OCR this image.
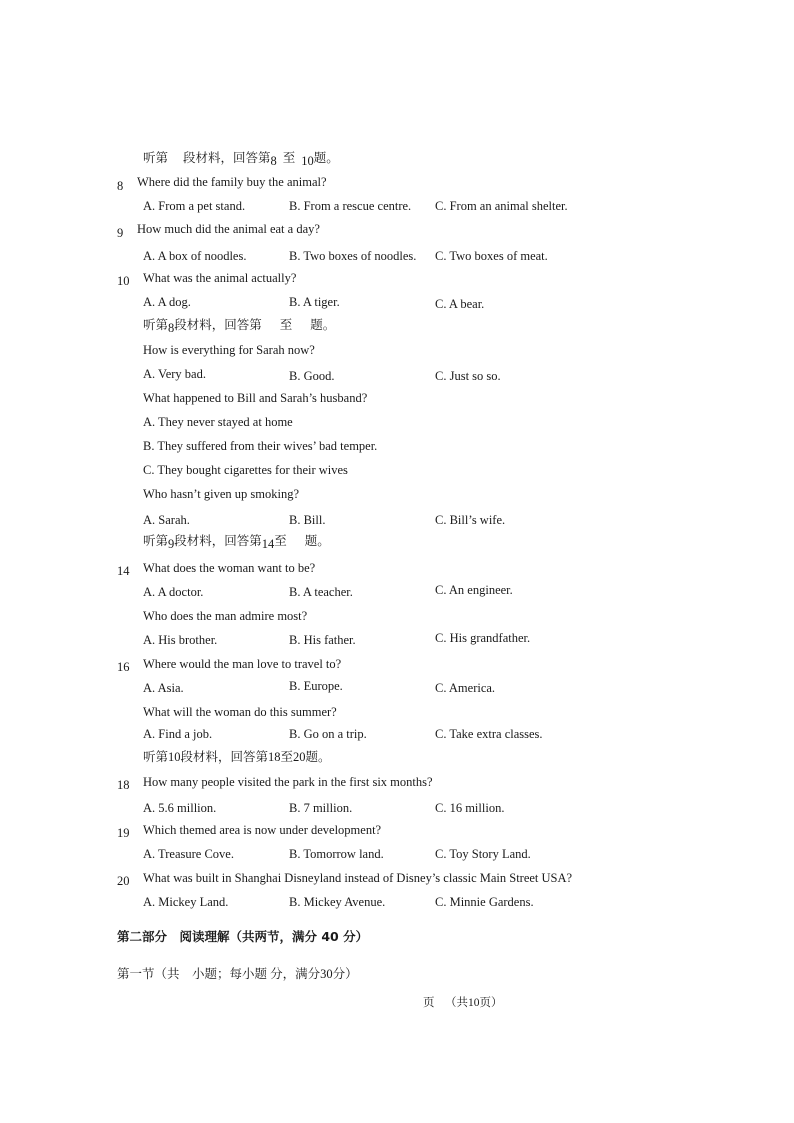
听第 段材料，回答第8 至 10题。
8 Where did the family buy the animal?
A. From a pet stand.	B. From a rescue centre. C. From an animal shelter.
9 How much did the animal eat a day?
A. A box of noodles.	B. Two boxes of noodles. C. Two boxes of meat.
10 What was the animal actually?
A. A dog.	B. A tiger.	C. A bear.
听第8段材料，回答第 至 题。
How is everything for Sarah now?
A. Very bad.	B. Good.	C. Just so so.
What happened to Bill and Sarah’s husband?
A. They never stayed at home
B. They suffered from their wives’ bad temper.
C. They bought cigarettes for their wives
Who hasn’t given up smoking?
A. Sarah.	B. Bill.	C. Bill’s wife.
听第9段材料，回答第14至 题。
14 What does the woman want to be?
A. A doctor.	B. A teacher.	C. An engineer.
Who does the man admire most?
A. His brother.	B. His father.	C. His grandfather.
16 Where would the man love to travel to?
A. Asia.	B. Europe.	C. America.
What will the woman do this summer?
A. Find a job.	B. Go on a trip.	C. Take extra classes.
听第10段材料，回答第18至20题。
18 How many people visited the park in the first six months?
A. 5.6 million.	B. 7 million.	C. 16 million.
19 Which themed area is now under development?
A. Treasure Cove.	B. Tomorrow land.	C. Toy Story Land.
20 What was built in Shanghai Disneyland instead of Disney’s classic Main Street USA?
A. Mickey Land.	B. Mickey Avenue.	C. Minnie Gardens.
第二部分　阅读理解（共两节，满分 40 分）
第一节（共　小题；每小题 分，满分30分）
页 （共10页）
